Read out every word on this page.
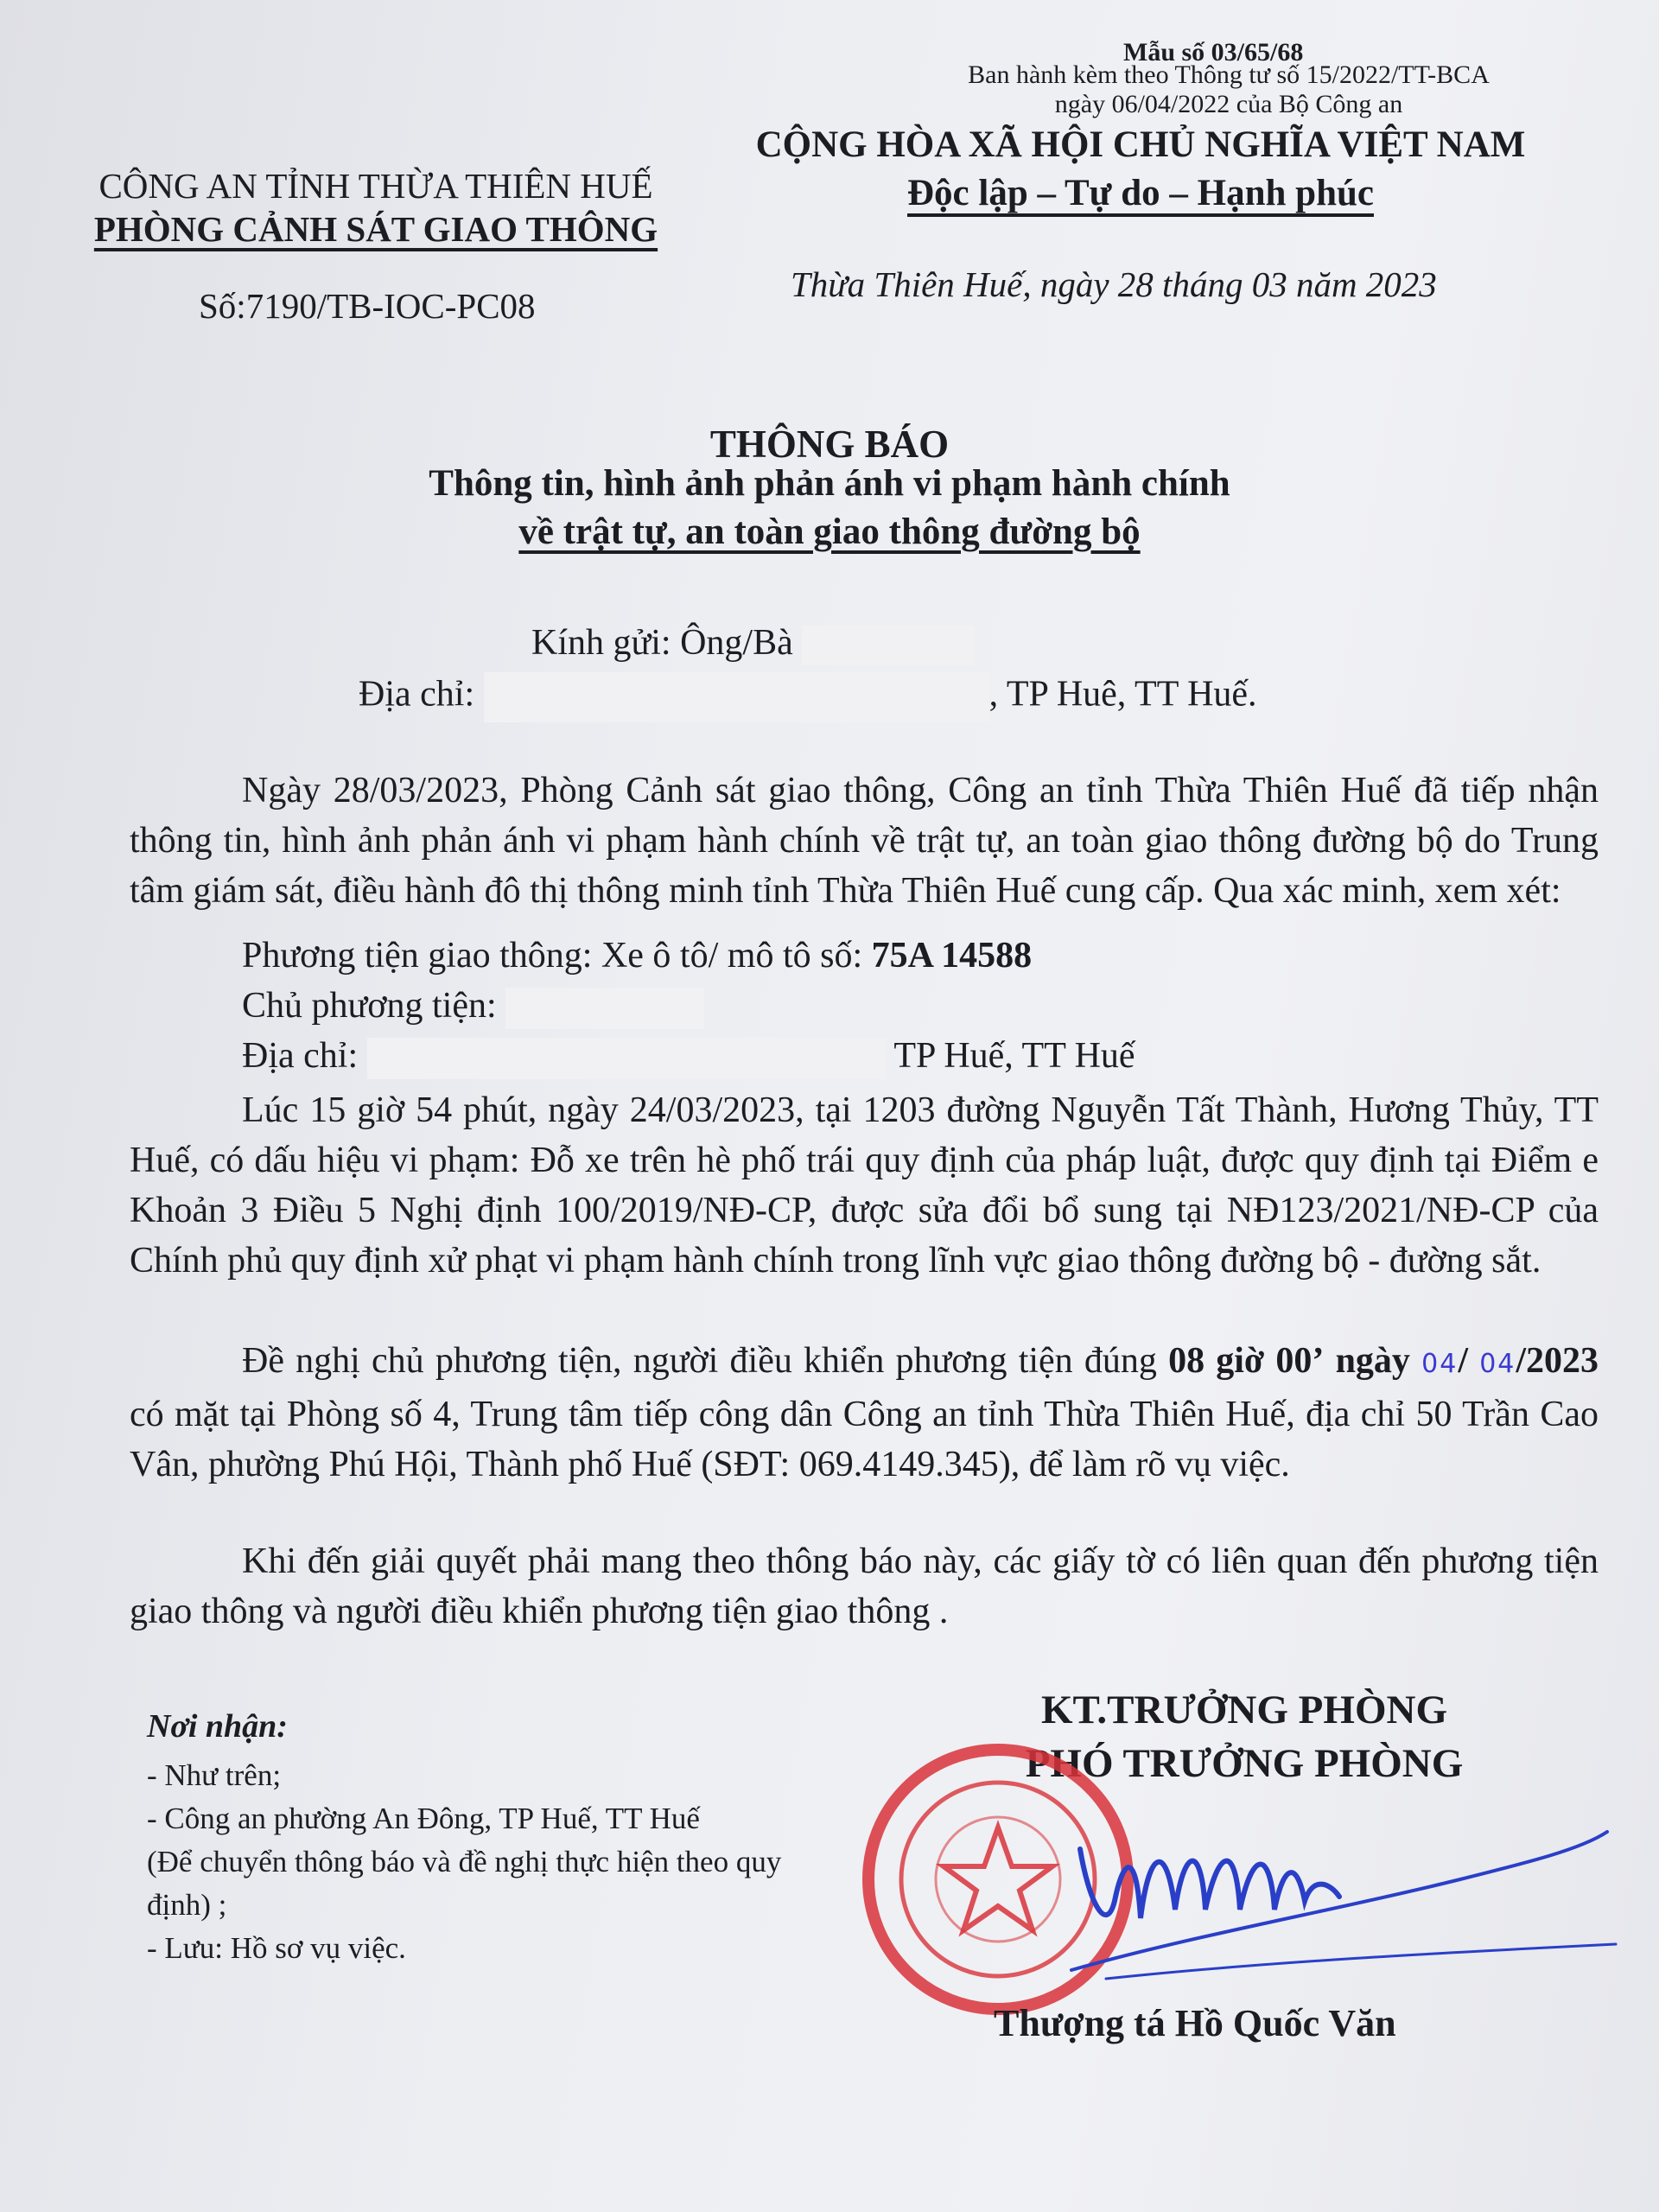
Mẫu số 03/65/68
Ban hành kèm theo Thông tư số 15/2022/TT-BCA
ngày 06/04/2022 của Bộ Công an
CÔNG AN TỈNH THỪA THIÊN HUẾ
PHÒNG CẢNH SÁT GIAO THÔNG
Số:7190/TB-IOC-PC08
CỘNG HÒA XÃ HỘI CHỦ NGHĨA VIỆT NAM
Độc lập – Tự do – Hạnh phúc
Thừa Thiên Huế, ngày 28 tháng 03 năm 2023
THÔNG BÁO
Thông tin, hình ảnh phản ánh vi phạm hành chính
về trật tự, an toàn giao thông đường bộ
Kính gửi: Ông/Bà
Địa chỉ:	, TP Huê, TT Huế.
Ngày 28/03/2023, Phòng Cảnh sát giao thông, Công an tỉnh Thừa Thiên Huế đã tiếp nhận thông tin, hình ảnh phản ánh vi phạm hành chính về trật tự, an toàn giao thông đường bộ do Trung tâm giám sát, điều hành đô thị thông minh tỉnh Thừa Thiên Huế cung cấp. Qua xác minh, xem xét:
Phương tiện giao thông: Xe ô tô/ mô tô số: 75A 14588
Chủ phương tiện:
Địa chỉ:	TP Huế, TT Huế
Lúc 15 giờ 54 phút, ngày 24/03/2023, tại 1203 đường Nguyễn Tất Thành, Hương Thủy, TT Huế, có dấu hiệu vi phạm: Đỗ xe trên hè phố trái quy định của pháp luật, được quy định tại Điểm e Khoản 3 Điều 5 Nghị định 100/2019/NĐ-CP, được sửa đổi bổ sung tại NĐ123/2021/NĐ-CP của Chính phủ quy định xử phạt vi phạm hành chính trong lĩnh vực giao thông đường bộ - đường sắt.
Đề nghị chủ phương tiện, người điều khiển phương tiện đúng 08 giờ 00’ ngày 04/ 04/2023 có mặt tại Phòng số 4, Trung tâm tiếp công dân Công an tỉnh Thừa Thiên Huế, địa chỉ 50 Trần Cao Vân, phường Phú Hội, Thành phố Huế (SĐT: 069.4149.345), để làm rõ vụ việc.
Khi đến giải quyết phải mang theo thông báo này, các giấy tờ có liên quan đến phương tiện giao thông và người điều khiển phương tiện giao thông .
Nơi nhận:
- Như trên;
- Công an phường An Đông, TP Huế, TT Huế
(Để chuyển thông báo và đề nghị thực hiện theo quy định) ;
- Lưu: Hồ sơ vụ việc.
KT.TRƯỞNG PHÒNG
PHÓ TRƯỞNG PHÒNG
Thượng tá Hồ Quốc Văn
